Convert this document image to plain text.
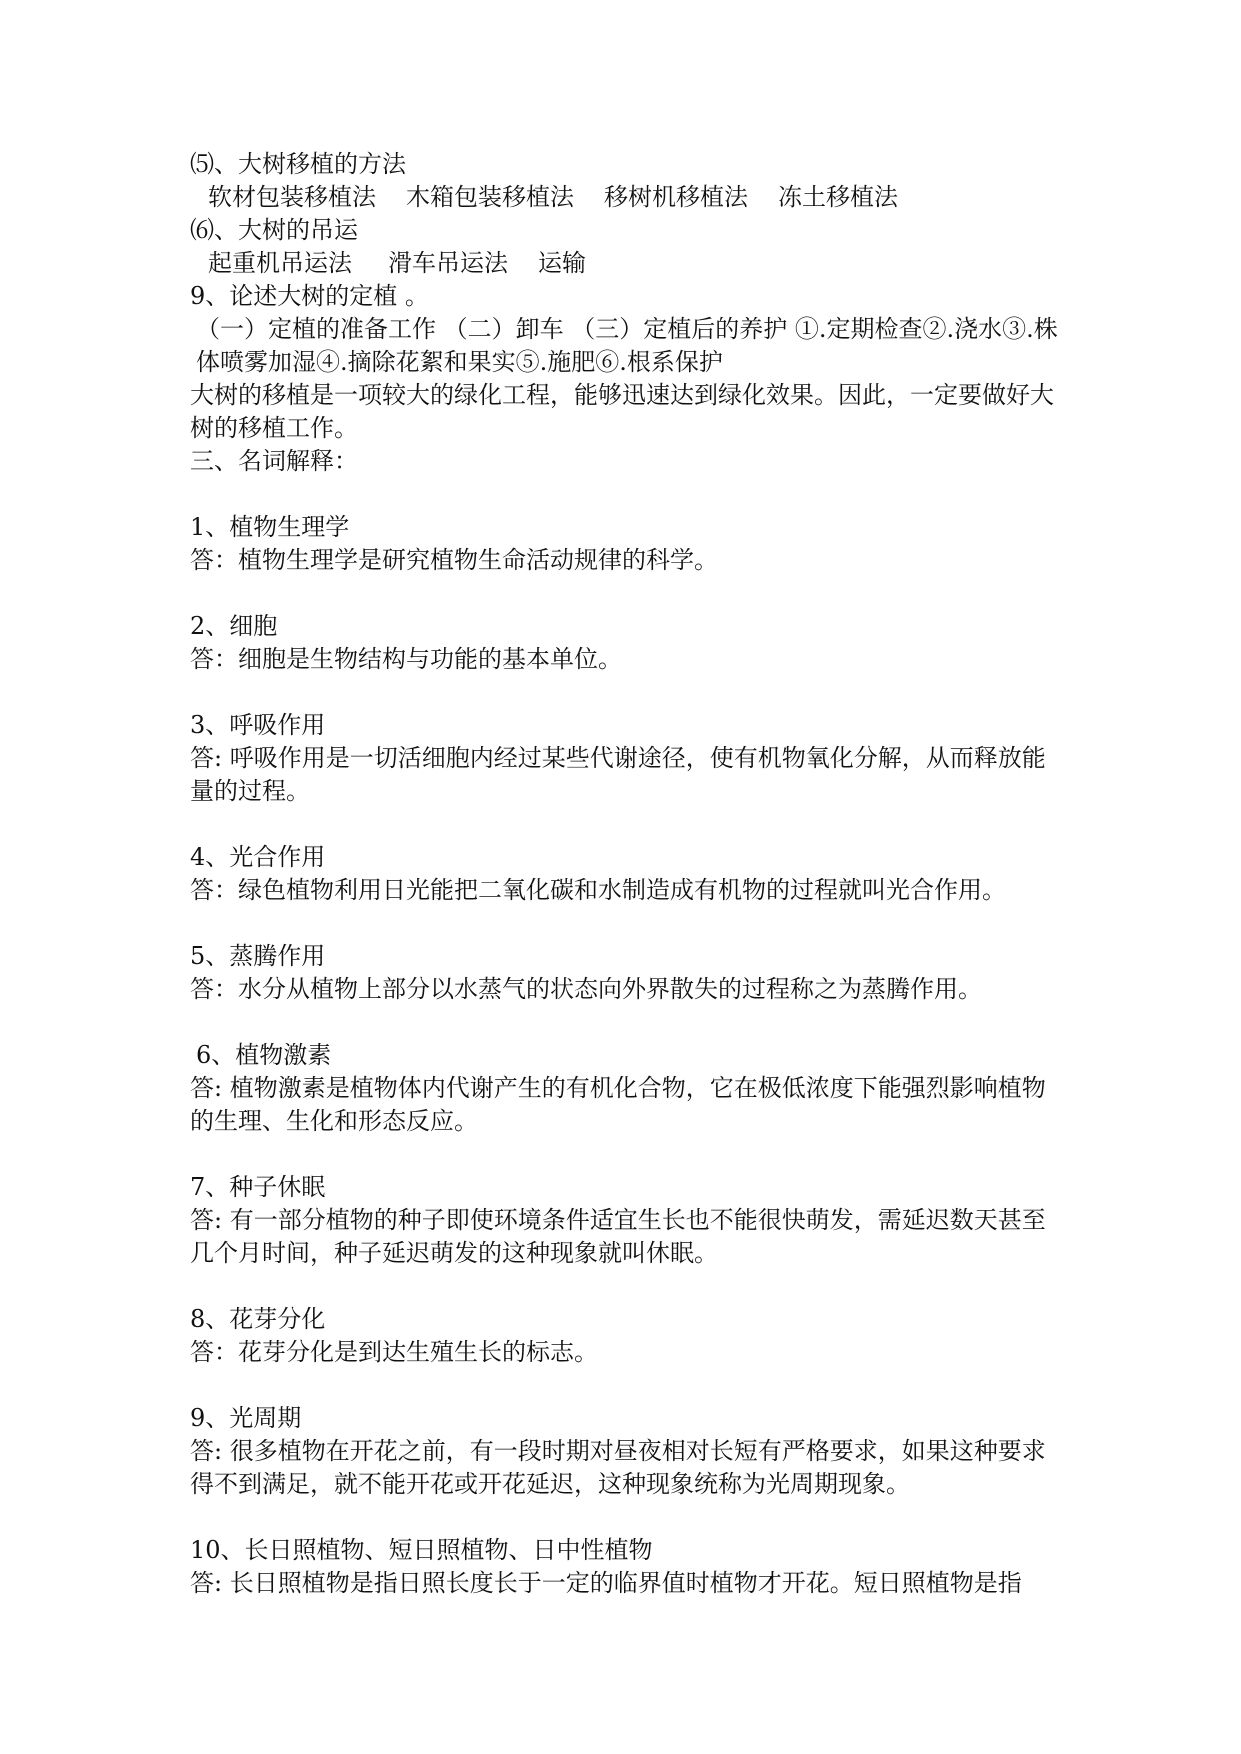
⑸、大树移植的方法

软材包装移植法 木箱包装移植法 移树机移植法 冻土移植法

⑹、大树的吊运

起重机吊运法 滑车吊运法 运输

9、论述大树的定植 。

（一）定植的准备工作 （二）卸车 （三）定植后的养护 ①.定期检查②.浇水③.株体喷雾加湿④.摘除花絮和果实⑤.施肥⑥.根系保护

大树的移植是一项较大的绿化工程，能够迅速达到绿化效果。因此，一定要做好大树的移植工作。

三、名词解释：

1、植物生理学

答：植物生理学是研究植物生命活动规律的科学。

2、细胞

答：细胞是生物结构与功能的基本单位。

3、呼吸作用

答: 呼吸作用是一切活细胞内经过某些代谢途径，使有机物氧化分解，从而释放能量的过程。

4、光合作用

答：绿色植物利用日光能把二氧化碳和水制造成有机物的过程就叫光合作用。

5、蒸腾作用

答：水分从植物上部分以水蒸气的状态向外界散失的过程称之为蒸腾作用。

6、植物激素

答: 植物激素是植物体内代谢产生的有机化合物，它在极低浓度下能强烈影响植物的生理、生化和形态反应。

7、种子休眠

答: 有一部分植物的种子即使环境条件适宜生长也不能很快萌发，需延迟数天甚至几个月时间，种子延迟萌发的这种现象就叫休眠。

8、花芽分化

答：花芽分化是到达生殖生长的标志。

9、光周期

答: 很多植物在开花之前，有一段时期对昼夜相对长短有严格要求，如果这种要求得不到满足，就不能开花或开花延迟，这种现象统称为光周期现象。

10、长日照植物、短日照植物、日中性植物

答: 长日照植物是指日照长度长于一定的临界值时植物才开花。短日照植物是指
